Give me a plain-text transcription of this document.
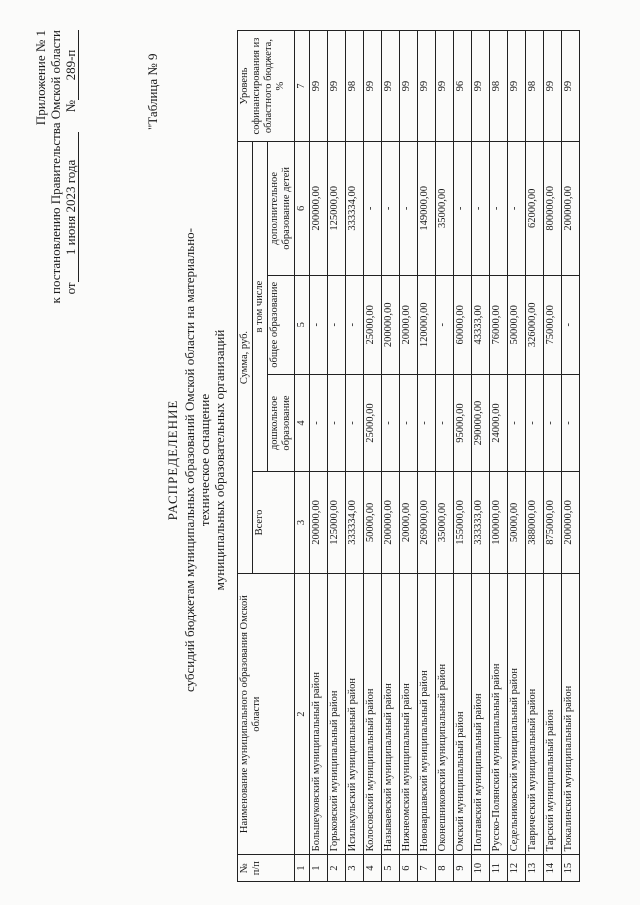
Приложение № 1 к постановлению Правительства Омской области от
1 июня 2023 года
№
289-п	"Таблица № 9
РАСПРЕДЕЛЕНИЕ субсидий бюджетам муниципальных образований Омской области на материально-техническое оснащение муниципальных образовательных организаций
№ п/п	Наименование муниципального образования Омской области	Сумма, руб.				Уровень софинансирования из областного бюджета, %
		Всего	в том числе			
			дошкольное образование	общее образование	дополнительное образование детей	
1	2	3	4	5	6	7
1	Большеуковский муниципальный район	200000,00	-	-	200000,00	99
2	Горьковский муниципальный район	125000,00	-	-	125000,00	99
3	Исилькульский муниципальный район	333334,00	-	-	333334,00	98
4	Колосовский муниципальный район	50000,00	25000,00	25000,00	-	99
5	Называевский муниципальный район	200000,00	-	200000,00	-	99
6	Нижнеомский муниципальный район	20000,00	-	20000,00	-	99
7	Нововаршавский муниципальный район	269000,00	-	120000,00	149000,00	99
8	Оконешниковский муниципальный район	35000,00	-	-	35000,00	99
9	Омский муниципальный район	155000,00	95000,00	60000,00	-	96
10	Полтавский муниципальный район	333333,00	290000,00	43333,00	-	99
11	Русско-Полянский муниципальный район	100000,00	24000,00	76000,00	-	98
12	Седельниковский муниципальный район	50000,00	-	50000,00	-	99
13	Таврический муниципальный район	388000,00	-	326000,00	62000,00	98
14	Тарский муниципальный район	875000,00	-	75000,00	800000,00	99
15	Тюкалинский муниципальный район	200000,00	-	-	200000,00	99
